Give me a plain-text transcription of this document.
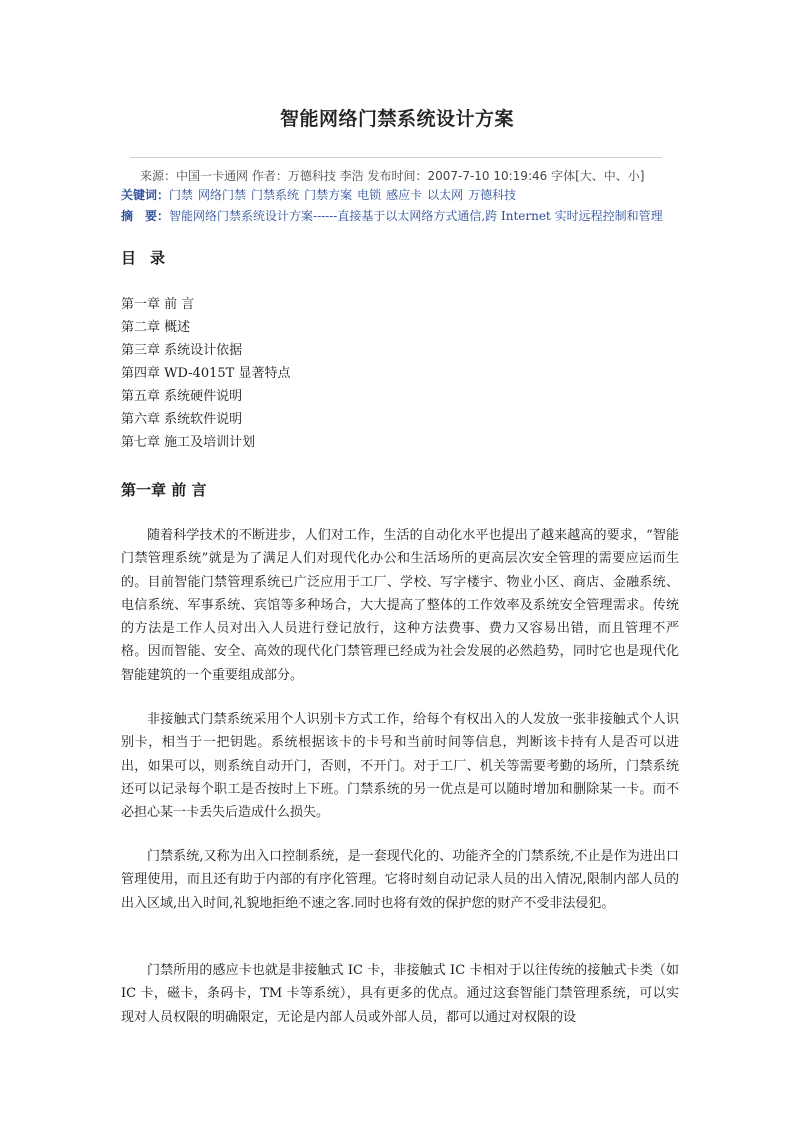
智能网络门禁系统设计方案
来源：中国一卡通网 作者：万德科技 李浩 发布时间：2007-7-10 10:19:46 字体[大、中、小]
关键词：门禁 网络门禁 门禁系统 门禁方案 电锁 感应卡 以太网 万德科技
摘　要：智能网络门禁系统设计方案------直接基于以太网络方式通信,跨 Internet 实时远程控制和管理
目录
第一章 前 言
第二章 概述
第三章 系统设计依据
第四章 WD-4015T 显著特点
第五章 系统硬件说明
第六章 系统软件说明
第七章 施工及培训计划
第一章 前 言

随着科学技术的不断进步，人们对工作，生活的自动化水平也提出了越来越高的要求，“智能门禁管理系统”就是为了满足人们对现代化办公和生活场所的更高层次安全管理的需要应运而生的。目前智能门禁管理系统已广泛应用于工厂、学校、写字楼宇、物业小区、商店、金融系统、电信系统、军事系统、宾馆等多种场合，大大提高了整体的工作效率及系统安全管理需求。传统的方法是工作人员对出入人员进行登记放行，这种方法费事、费力又容易出错，而且管理不严格。因而智能、安全、高效的现代化门禁管理已经成为社会发展的必然趋势，同时它也是现代化智能建筑的一个重要组成部分。

非接触式门禁系统采用个人识别卡方式工作，给每个有权出入的人发放一张非接触式个人识别卡，相当于一把钥匙。系统根据该卡的卡号和当前时间等信息，判断该卡持有人是否可以进出，如果可以，则系统自动开门，否则，不开门。对于工厂、机关等需要考勤的场所，门禁系统还可以记录每个职工是否按时上下班。门禁系统的另一优点是可以随时增加和删除某一卡。而不必担心某一卡丢失后造成什么损失。

门禁系统,又称为出入口控制系统，是一套现代化的、功能齐全的门禁系统,不止是作为进出口管理使用，而且还有助于内部的有序化管理。它将时刻自动记录人员的出入情况,限制内部人员的出入区域,出入时间,礼貌地拒绝不速之客.同时也将有效的保护您的财产不受非法侵犯。

门禁所用的感应卡也就是非接触式 IC 卡，非接触式 IC 卡相对于以往传统的接触式卡类（如 IC 卡，磁卡，条码卡，TM 卡等系统），具有更多的优点。通过这套智能门禁管理系统，可以实现对人员权限的明确限定，无论是内部人员或外部人员，都可以通过对权限的设
